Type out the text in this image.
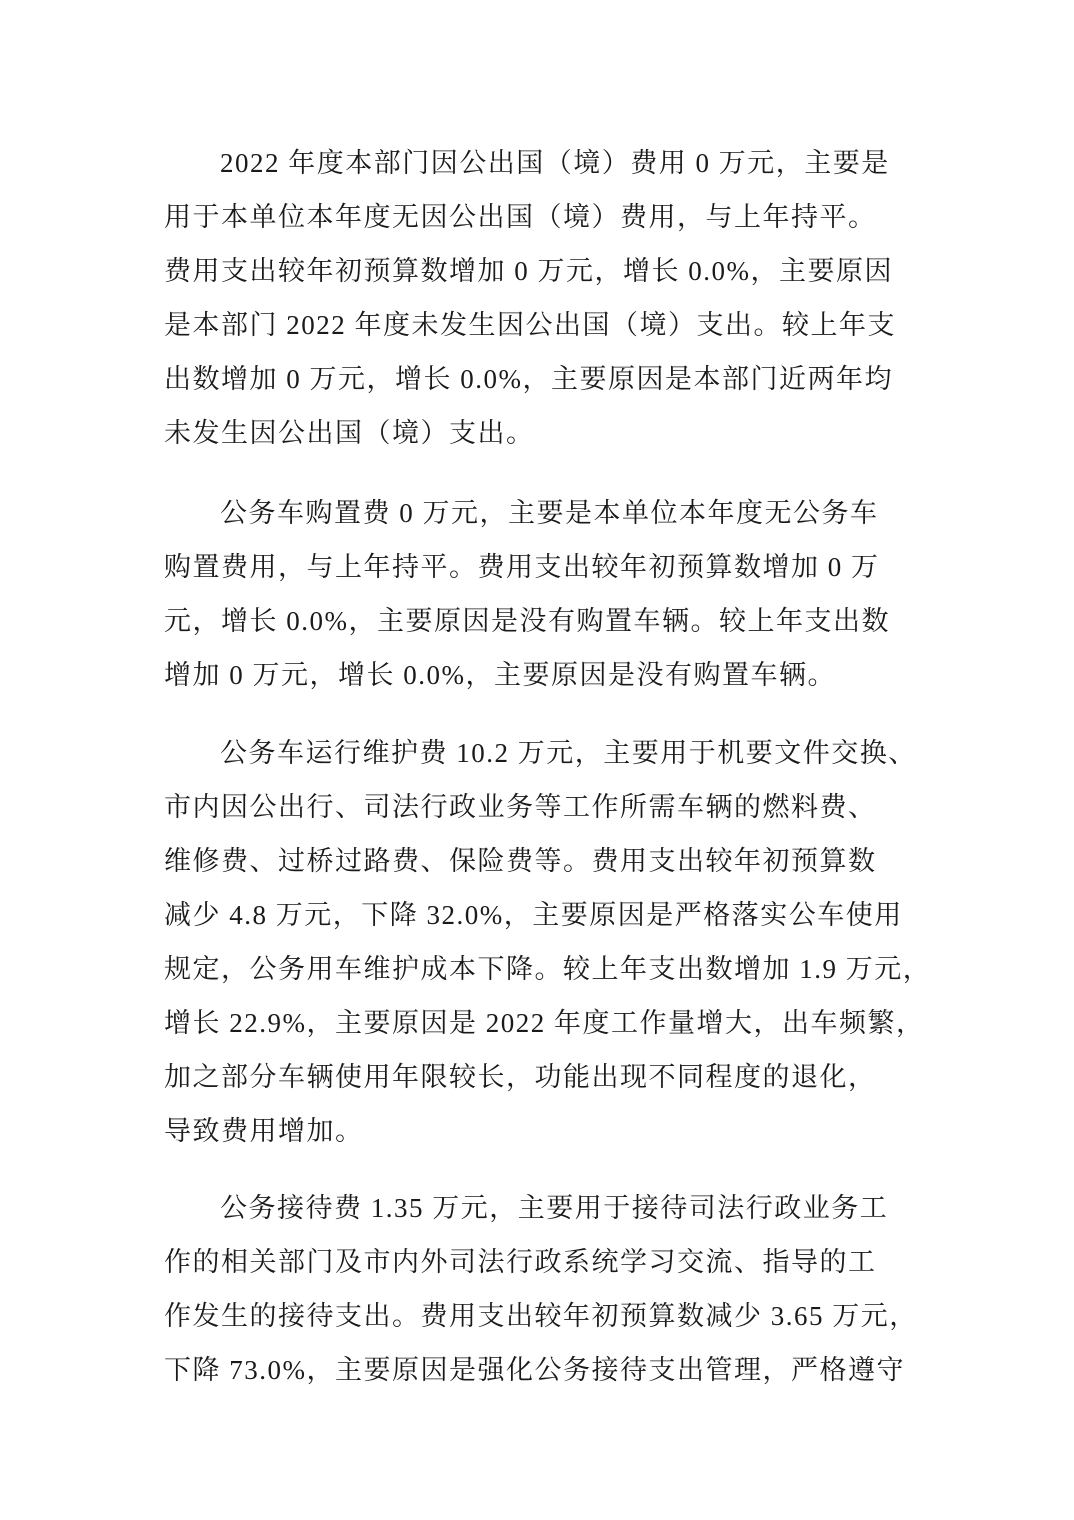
2022 年度本部门因公出国（境）费用 0 万元，主要是
用于本单位本年度无因公出国（境）费用，与上年持平。
费用支出较年初预算数增加 0 万元，增长 0.0%，主要原因
是本部门 2022 年度未发生因公出国（境）支出。较上年支
出数增加 0 万元，增长 0.0%，主要原因是本部门近两年均
未发生因公出国（境）支出。
公务车购置费 0 万元，主要是本单位本年度无公务车
购置费用，与上年持平。费用支出较年初预算数增加 0 万
元，增长 0.0%，主要原因是没有购置车辆。较上年支出数
增加 0 万元，增长 0.0%，主要原因是没有购置车辆。
公务车运行维护费 10.2 万元，主要用于机要文件交换、
市内因公出行、司法行政业务等工作所需车辆的燃料费、
维修费、过桥过路费、保险费等。费用支出较年初预算数
减少 4.8 万元，下降 32.0%，主要原因是严格落实公车使用
规定，公务用车维护成本下降。较上年支出数增加 1.9 万元，
增长 22.9%，主要原因是 2022 年度工作量增大，出车频繁，
加之部分车辆使用年限较长，功能出现不同程度的退化，
导致费用增加。
公务接待费 1.35 万元，主要用于接待司法行政业务工
作的相关部门及市内外司法行政系统学习交流、指导的工
作发生的接待支出。费用支出较年初预算数减少 3.65 万元，
下降 73.0%，主要原因是强化公务接待支出管理，严格遵守
